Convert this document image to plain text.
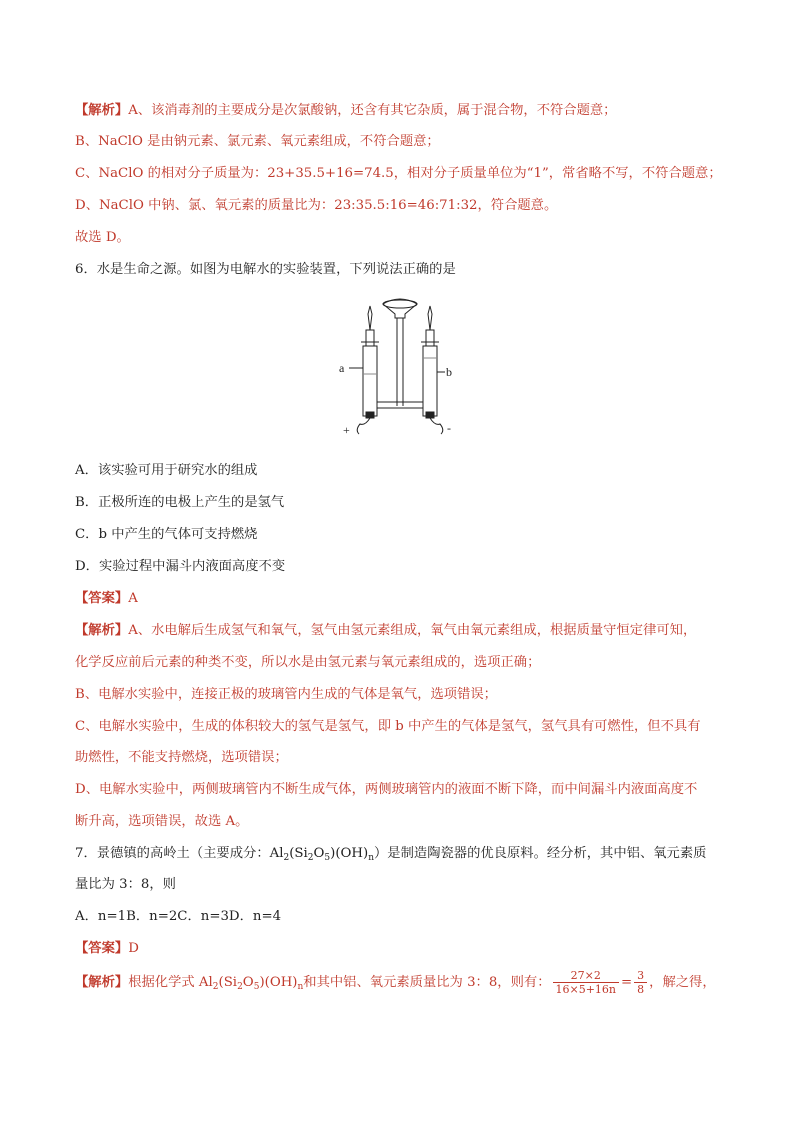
【解析】A、该消毒剂的主要成分是次氯酸钠，还含有其它杂质，属于混合物，不符合题意；
B、NaClO 是由钠元素、氯元素、氧元素组成，不符合题意；
C、NaClO 的相对分子质量为：23+35.5+16=74.5，相对分子质量单位为“1”，常省略不写，不符合题意；
D、NaClO 中钠、氯、氧元素的质量比为：23:35.5:16=46:71:32，符合题意。
故选 D。
6．水是生命之源。如图为电解水的实验装置，下列说法正确的是
a	b
+	-
A．该实验可用于研究水的组成
B．正极所连的电极上产生的是氢气
C．b 中产生的气体可支持燃烧
D．实验过程中漏斗内液面高度不变
【答案】A
【解析】A、水电解后生成氢气和氧气，氢气由氢元素组成，氧气由氧元素组成，根据质量守恒定律可知，
化学反应前后元素的种类不变，所以水是由氢元素与氧元素组成的，选项正确；
B、电解水实验中，连接正极的玻璃管内生成的气体是氧气，选项错误；
C、电解水实验中，生成的体积较大的氢气是氢气，即 b 中产生的气体是氢气，氢气具有可燃性，但不具有
助燃性，不能支持燃烧，选项错误；
D、电解水实验中，两侧玻璃管内不断生成气体，两侧玻璃管内的液面不断下降，而中间漏斗内液面高度不
断升高，选项错误，故选 A。
7．景德镇的高岭土（主要成分：$Al_2(Si_2O_5)(OH)_n$）是制造陶瓷器的优良原料。经分析，其中铝、氧元素质
量比为 3：8，则
A．n=1B．n=2C．n=3D．n=4
【答案】D
【解析】根据化学式 $Al_2(Si_2O_5)(OH)_n$和其中铝、氧元素质量比为 3：8，则有： $\frac{27\times 2}{16\times 5+16n} = \frac{3}{8}$ ，解之得，
